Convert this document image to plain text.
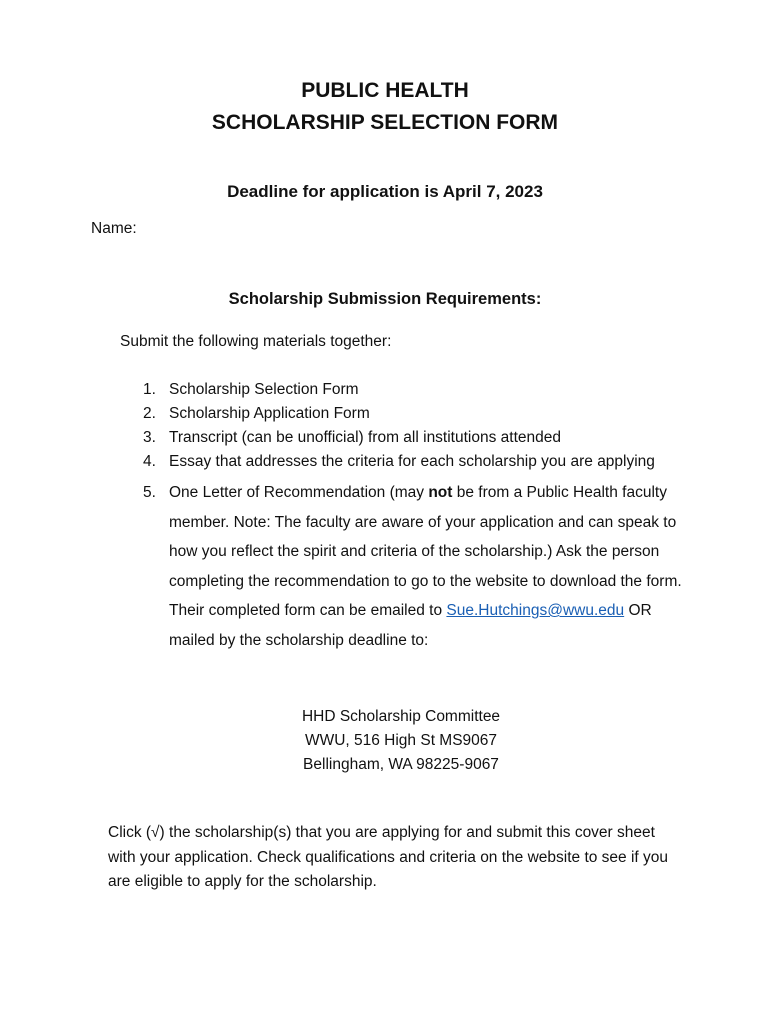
PUBLIC HEALTH
SCHOLARSHIP SELECTION FORM
Deadline for application is April 7, 2023
Name:
Scholarship Submission Requirements:
Submit the following materials together:
1. Scholarship Selection Form
2. Scholarship Application Form
3. Transcript (can be unofficial) from all institutions attended
4. Essay that addresses the criteria for each scholarship you are applying
5. One Letter of Recommendation (may not be from a Public Health faculty member. Note: The faculty are aware of your application and can speak to how you reflect the spirit and criteria of the scholarship.) Ask the person completing the recommendation to go to the website to download the form. Their completed form can be emailed to Sue.Hutchings@wwu.edu OR mailed by the scholarship deadline to:
HHD Scholarship Committee
WWU, 516 High St MS9067
Bellingham, WA 98225-9067
Click (√) the scholarship(s) that you are applying for and submit this cover sheet with your application. Check qualifications and criteria on the website to see if you are eligible to apply for the scholarship.
